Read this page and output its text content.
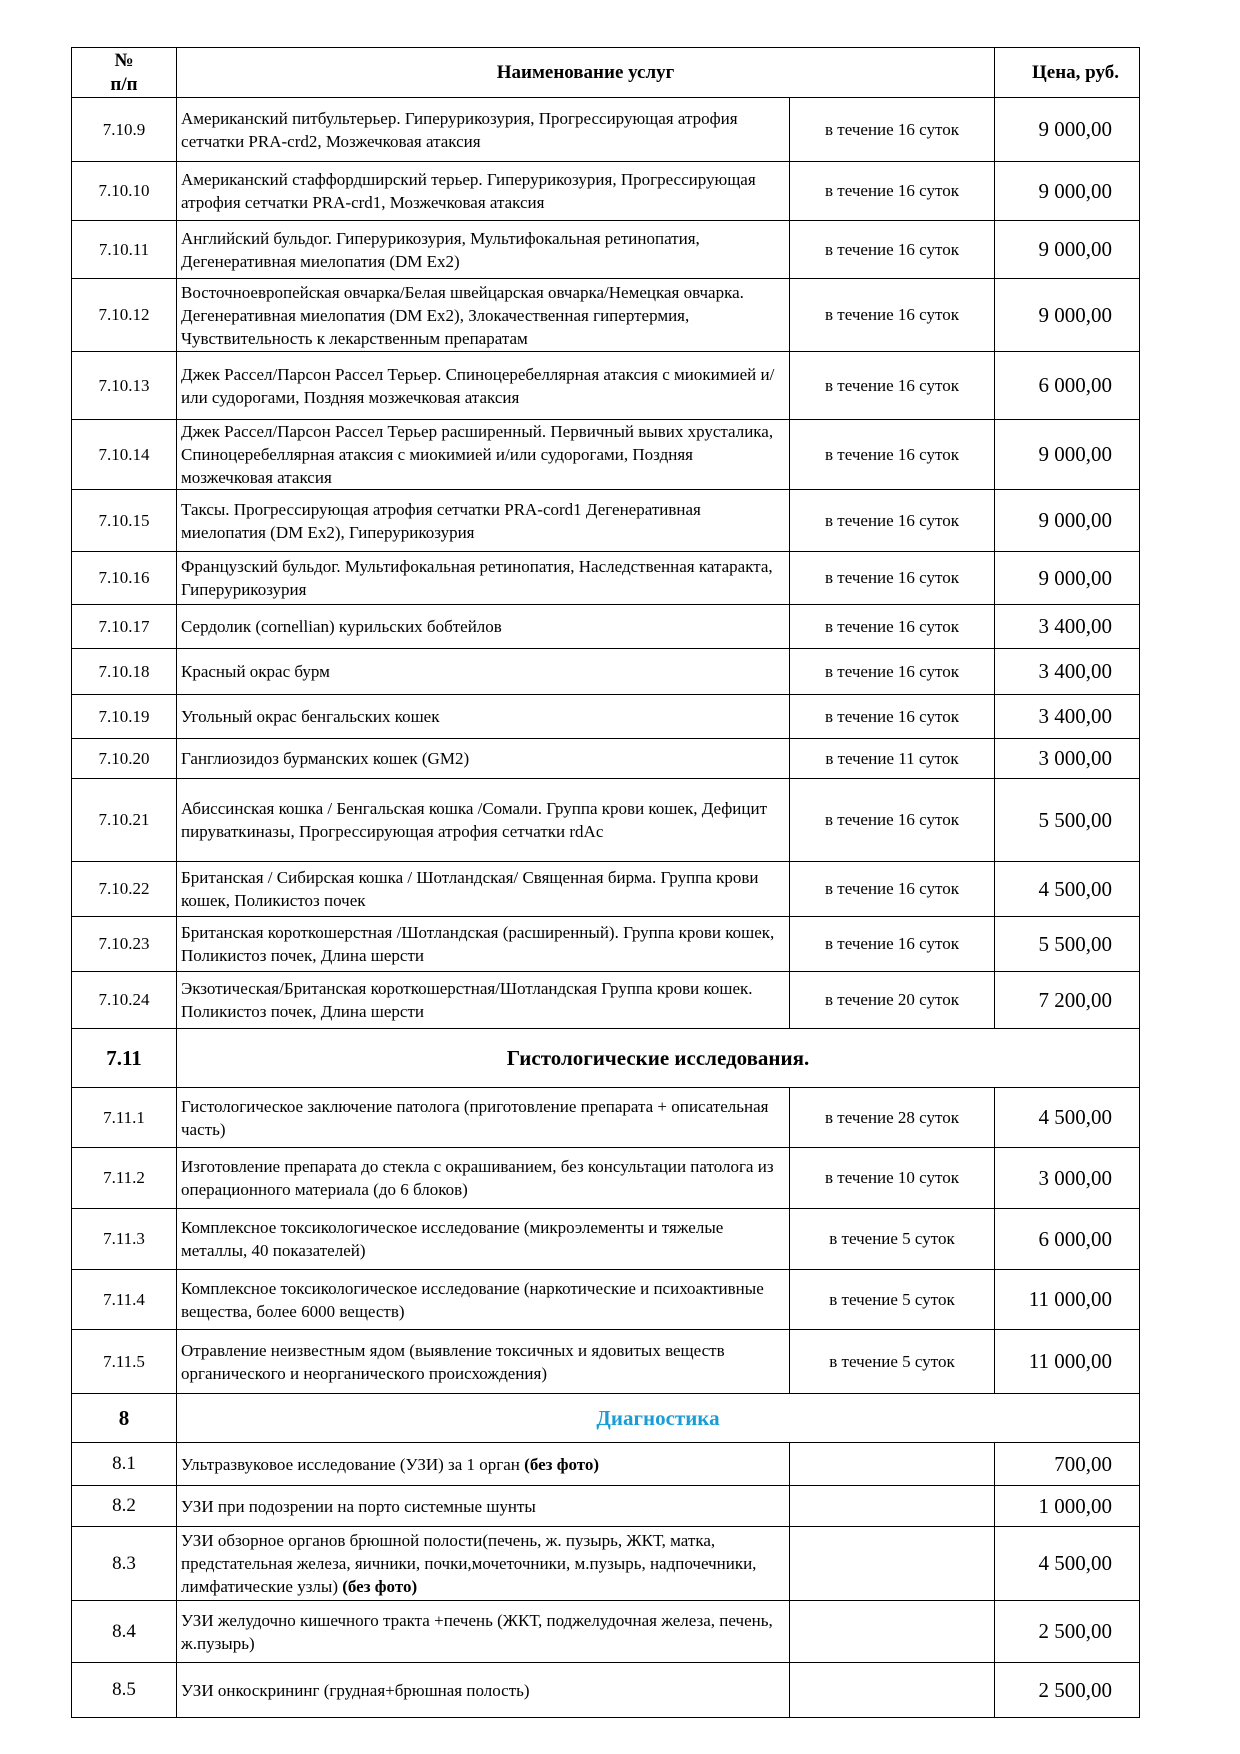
№
п/п	Наименование услуг		Цена, руб.
7.10.9	Американский питбультерьер. Гиперурикозурия, Прогрессирующая атрофия сетчатки PRA-crd2, Мозжечковая атаксия	в течение 16 суток	9 000,00
7.10.10	Американский стаффордширский терьер. Гиперурикозурия, Прогрессирующая атрофия сетчатки PRA-crd1, Мозжечковая атаксия	в течение 16 суток	9 000,00
7.10.11	Английский бульдог. Гиперурикозурия, Мультифокальная ретинопатия, Дегенеративная миелопатия (DM Ex2)	в течение 16 суток	9 000,00
7.10.12	Восточноевропейская овчарка/Белая швейцарская овчарка/Немецкая овчарка. Дегенеративная миелопатия (DM Ex2), Злокачественная гипертермия, Чувствительность к лекарственным препаратам	в течение 16 суток	9 000,00
7.10.13	Джек Рассел/Парсон Рассел Терьер. Спиноцеребеллярная атаксия с миокимией и/или судорогами, Поздняя мозжечковая атаксия	в течение 16 суток	6 000,00
7.10.14	Джек Рассел/Парсон Рассел Терьер расширенный. Первичный вывих хрусталика, Спиноцеребеллярная атаксия с миокимией и/или судорогами, Поздняя мозжечковая атаксия	в течение 16 суток	9 000,00
7.10.15	Таксы. Прогрессирующая атрофия сетчатки PRA-cord1 Дегенеративная миелопатия (DM Ex2), Гиперурикозурия	в течение 16 суток	9 000,00
7.10.16	Французский бульдог. Мультифокальная ретинопатия, Наследственная катаракта, Гиперурикозурия	в течение 16 суток	9 000,00
7.10.17	Сердолик (cornellian) курильских бобтейлов	в течение 16 суток	3 400,00
7.10.18	Красный окрас бурм	в течение 16 суток	3 400,00
7.10.19	Угольный окрас бенгальских кошек	в течение 16 суток	3 400,00
7.10.20	Ганглиозидоз бурманских кошек (GM2)	в течение 11 суток	3 000,00
7.10.21	Абиссинская кошка / Бенгальская кошка /Сомали. Группа крови кошек, Дефицит пируваткиназы, Прогрессирующая атрофия сетчатки rdAc	в течение 16 суток	5 500,00
7.10.22	Британская / Сибирская кошка / Шотландская/ Священная бирма. Группа крови кошек, Поликистоз почек	в течение 16 суток	4 500,00
7.10.23	Британская короткошерстная /Шотландская (расширенный). Группа крови кошек, Поликистоз почек, Длина шерсти	в течение 16 суток	5 500,00
7.10.24	Экзотическая/Британская короткошерстная/Шотландская Группа крови кошек. Поликистоз почек, Длина шерсти	в течение 20 суток	7 200,00
7.11	Гистологические исследования.		
7.11.1	Гистологическое заключение патолога (приготовление препарата + описательная часть)	в течение 28 суток	4 500,00
7.11.2	Изготовление препарата до стекла с окрашиванием, без консультации патолога из операционного материала (до 6 блоков)	в течение 10 суток	3 000,00
7.11.3	Комплексное токсикологическое исследование (микроэлементы и тяжелые металлы, 40 показателей)	в течение 5 суток	6 000,00
7.11.4	Комплексное токсикологическое исследование (наркотические и психоактивные вещества, более 6000 веществ)	в течение 5 суток	11 000,00
7.11.5	Отравление неизвестным ядом (выявление токсичных и ядовитых веществ органического и неорганического происхождения)	в течение 5 суток	11 000,00
8	Диагностика		
8.1	Ультразвуковое исследование (УЗИ) за 1 орган (без фото)		700,00
8.2	УЗИ при подозрении на порто системные шунты		1 000,00
8.3	УЗИ обзорное органов брюшной полости(печень, ж. пузырь, ЖКТ, матка, предстательная железа, яичники, почки,мочеточники, м.пузырь, надпочечники, лимфатические узлы) (без фото)		4 500,00
8.4	УЗИ желудочно кишечного тракта +печень (ЖКТ, поджелудочная железа, печень, ж.пузырь)		2 500,00
8.5	УЗИ онкоскрининг (грудная+брюшная полость)		2 500,00
